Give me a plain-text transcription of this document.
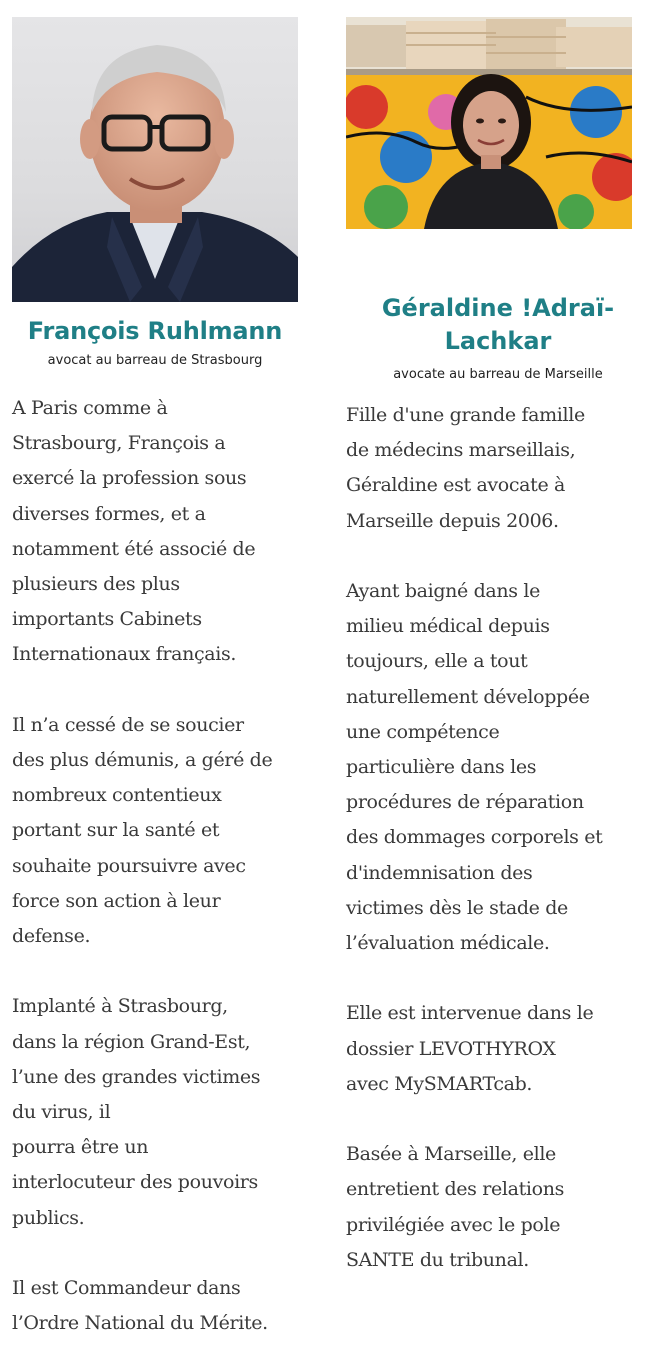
François Ruhlmann
avocat au barreau de Strasbourg

A Paris comme à
Strasbourg, François a
exercé la profession sous
diverses formes, et a
notamment été associé de
plusieurs des plus
importants Cabinets
Internationaux français.

Il n’a cessé de se soucier
des plus démunis, a géré de
nombreux contentieux
portant sur la santé et
souhaite poursuivre avec
force son action à leur
defense.

Implanté à Strasbourg,
dans la région Grand-Est,
l’une des grandes victimes
du virus, il
pourra être un
interlocuteur des pouvoirs
publics.

Il est Commandeur dans
l’Ordre National du Mérite.

Géraldine !Adraï-
Lachkar
avocate au barreau de Marseille

Fille d'une grande famille
de médecins marseillais,
Géraldine est avocate à
Marseille depuis 2006.

Ayant baigné dans le
milieu médical depuis
toujours, elle a tout
naturellement développée
une compétence
particulière dans les
procédures de réparation
des dommages corporels et
d'indemnisation des
victimes dès le stade de
l’évaluation médicale.

Elle est intervenue dans le
dossier LEVOTHYROX
avec MySMARTcab.

Basée à Marseille, elle
entretient des relations
privilégiée avec le pole
SANTE du tribunal.
